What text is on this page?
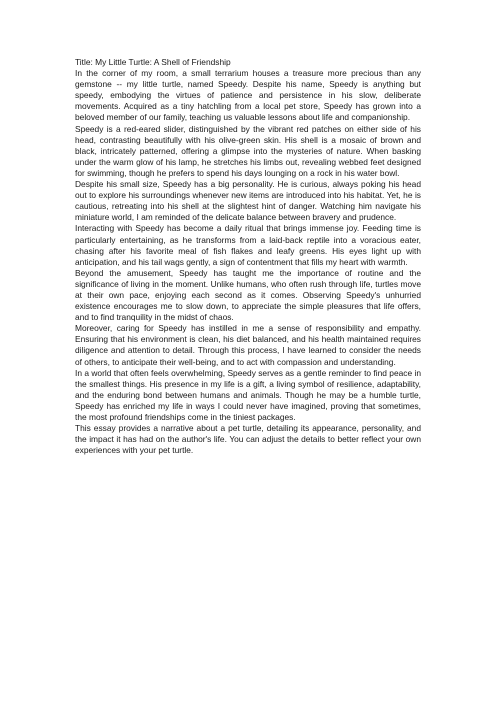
Title: My Little Turtle: A Shell of Friendship

In the corner of my room, a small terrarium houses a treasure more precious than any gemstone -- my little turtle, named Speedy. Despite his name, Speedy is anything but speedy, embodying the virtues of patience and persistence in his slow, deliberate movements. Acquired as a tiny hatchling from a local pet store, Speedy has grown into a beloved member of our family, teaching us valuable lessons about life and companionship.

Speedy is a red-eared slider, distinguished by the vibrant red patches on either side of his head, contrasting beautifully with his olive-green skin. His shell is a mosaic of brown and black, intricately patterned, offering a glimpse into the mysteries of nature. When basking under the warm glow of his lamp, he stretches his limbs out, revealing webbed feet designed for swimming, though he prefers to spend his days lounging on a rock in his water bowl.

Despite his small size, Speedy has a big personality. He is curious, always poking his head out to explore his surroundings whenever new items are introduced into his habitat. Yet, he is cautious, retreating into his shell at the slightest hint of danger. Watching him navigate his miniature world, I am reminded of the delicate balance between bravery and prudence.

Interacting with Speedy has become a daily ritual that brings immense joy. Feeding time is particularly entertaining, as he transforms from a laid-back reptile into a voracious eater, chasing after his favorite meal of fish flakes and leafy greens. His eyes light up with anticipation, and his tail wags gently, a sign of contentment that fills my heart with warmth.

Beyond the amusement, Speedy has taught me the importance of routine and the significance of living in the moment. Unlike humans, who often rush through life, turtles move at their own pace, enjoying each second as it comes. Observing Speedy's unhurried existence encourages me to slow down, to appreciate the simple pleasures that life offers, and to find tranquility in the midst of chaos.

Moreover, caring for Speedy has instilled in me a sense of responsibility and empathy. Ensuring that his environment is clean, his diet balanced, and his health maintained requires diligence and attention to detail. Through this process, I have learned to consider the needs of others, to anticipate their well-being, and to act with compassion and understanding.

In a world that often feels overwhelming, Speedy serves as a gentle reminder to find peace in the smallest things. His presence in my life is a gift, a living symbol of resilience, adaptability, and the enduring bond between humans and animals. Though he may be a humble turtle, Speedy has enriched my life in ways I could never have imagined, proving that sometimes, the most profound friendships come in the tiniest packages.

This essay provides a narrative about a pet turtle, detailing its appearance, personality, and the impact it has had on the author's life. You can adjust the details to better reflect your own experiences with your pet turtle.
